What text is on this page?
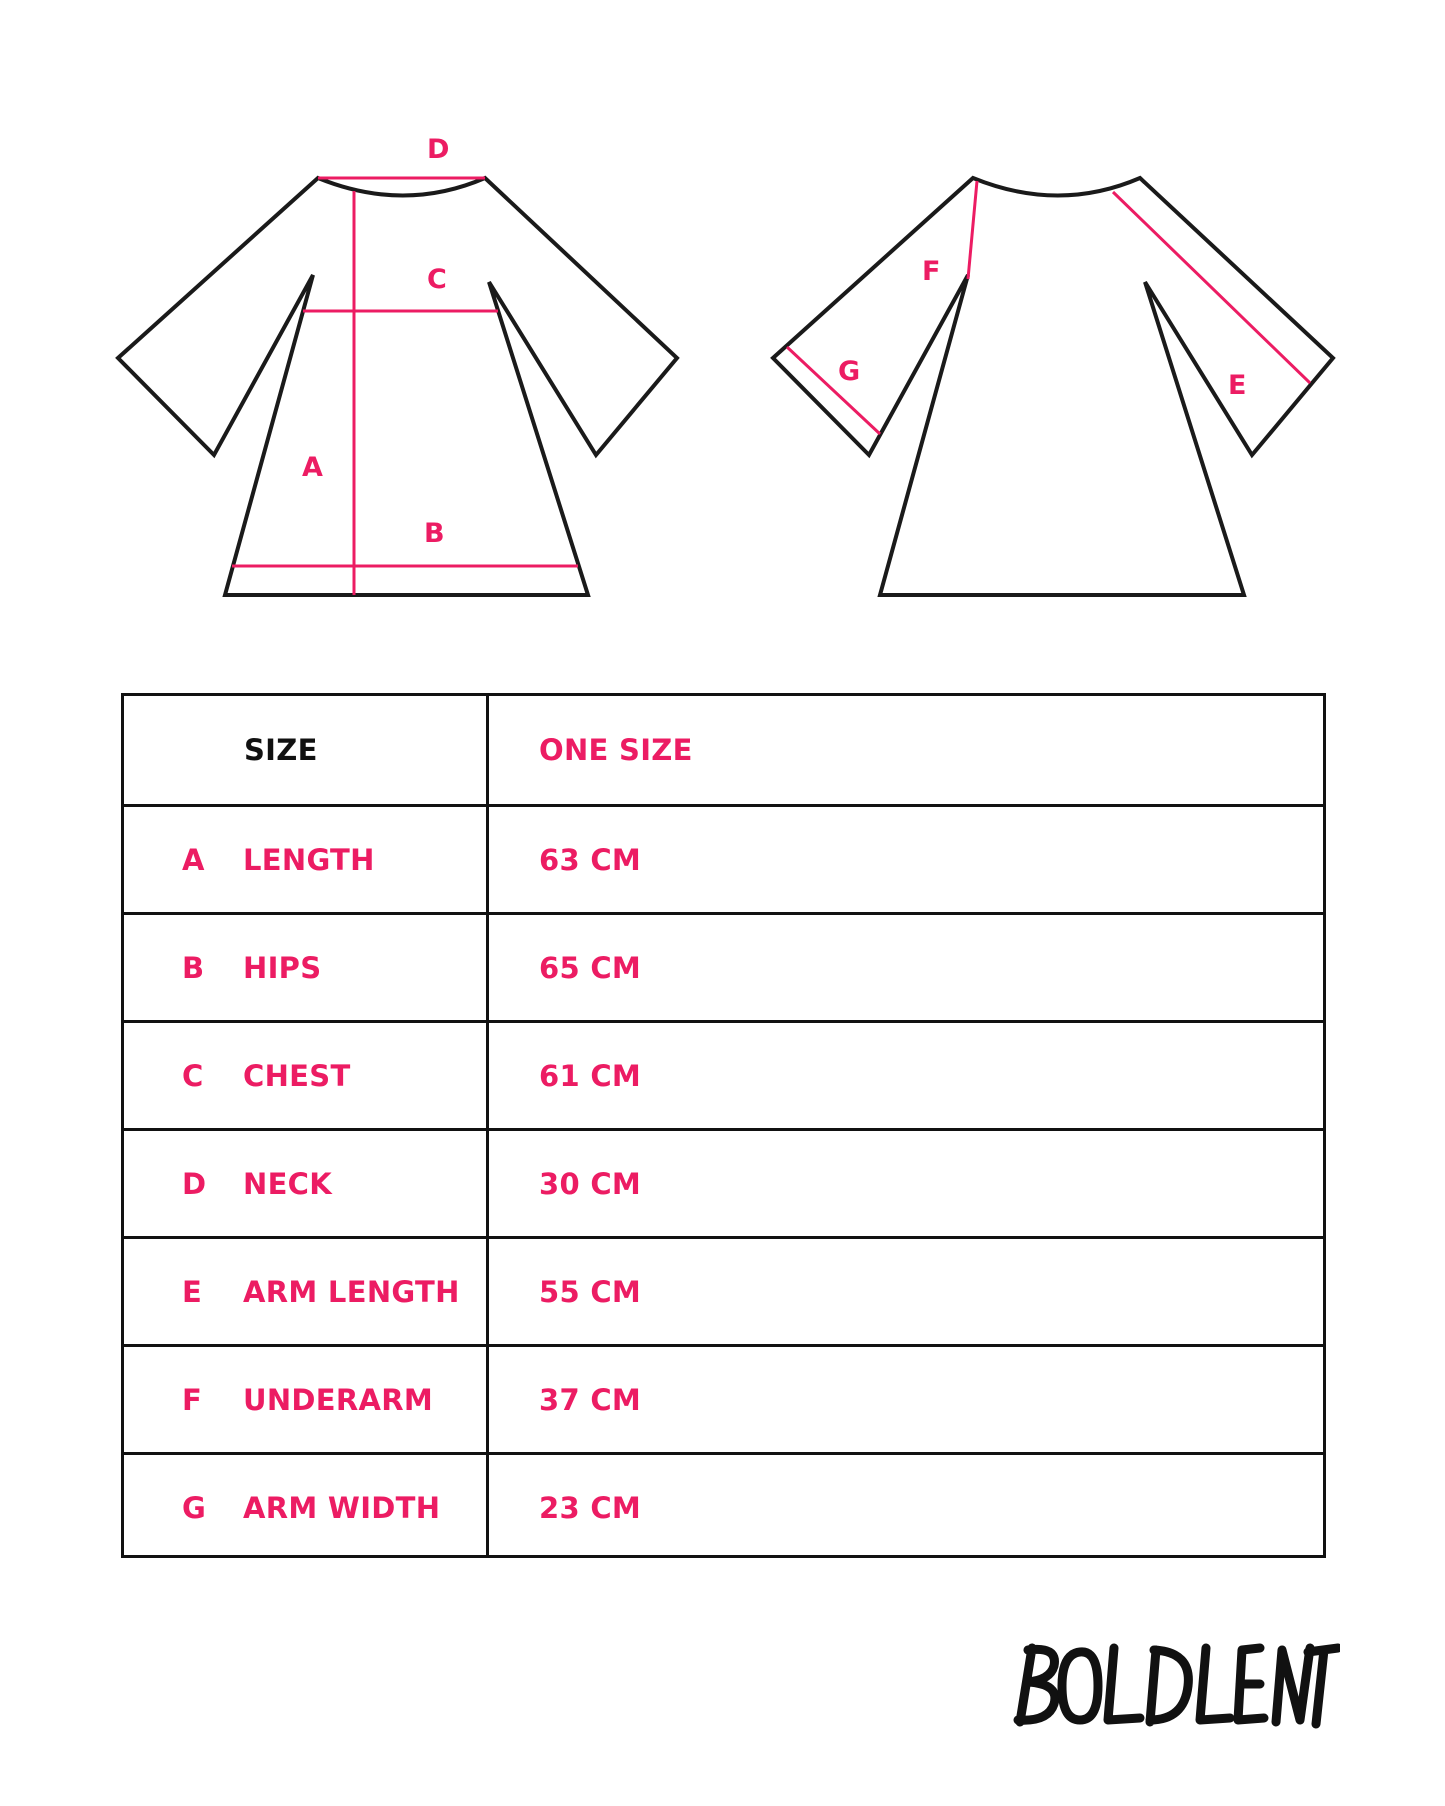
D
C
A
B
F
G	E
SIZE	ONE SIZE
A LENGTH	63 CM
B HIPS	65 CM
C CHEST	61 CM
D NECK	30 CM
E ARM LENGTH	55 CM
F UNDERARM	37 CM
G ARM WIDTH	23 CM
